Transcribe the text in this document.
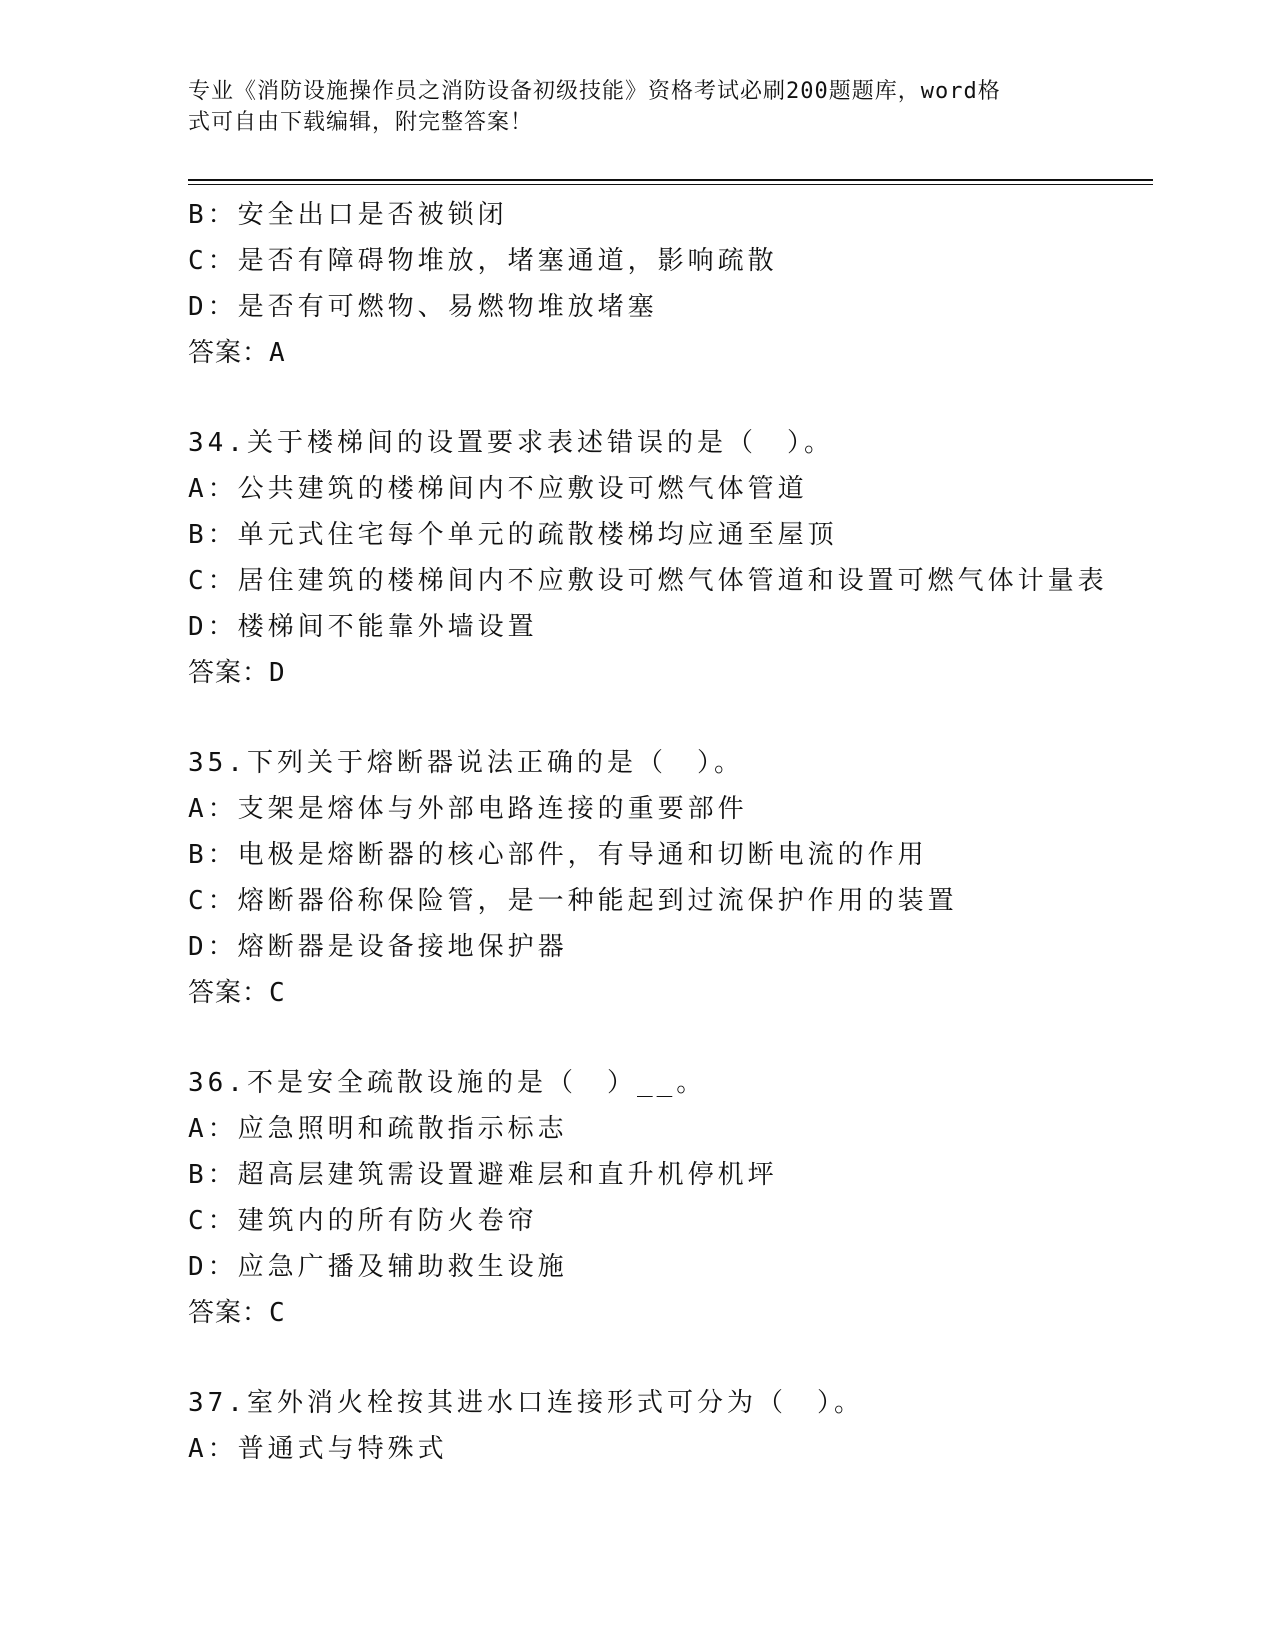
专业《消防设施操作员之消防设备初级技能》资格考试必刷200题题库，word格
式可自由下载编辑，附完整答案！
B：安全出口是否被锁闭
C：是否有障碍物堆放，堵塞通道，影响疏散
D：是否有可燃物、易燃物堆放堵塞
答案：A
34.关于楼梯间的设置要求表述错误的是（　）。
A：公共建筑的楼梯间内不应敷设可燃气体管道
B：单元式住宅每个单元的疏散楼梯均应通至屋顶
C：居住建筑的楼梯间内不应敷设可燃气体管道和设置可燃气体计量表
D：楼梯间不能靠外墙设置
答案：D
35.下列关于熔断器说法正确的是（　）。
A：支架是熔体与外部电路连接的重要部件
B：电极是熔断器的核心部件，有导通和切断电流的作用
C：熔断器俗称保险管，是一种能起到过流保护作用的装置
D：熔断器是设备接地保护器
答案：C
36.不是安全疏散设施的是（　）__。
A：应急照明和疏散指示标志
B：超高层建筑需设置避难层和直升机停机坪
C：建筑内的所有防火卷帘
D：应急广播及辅助救生设施
答案：C
37.室外消火栓按其进水口连接形式可分为（　）。
A：普通式与特殊式
